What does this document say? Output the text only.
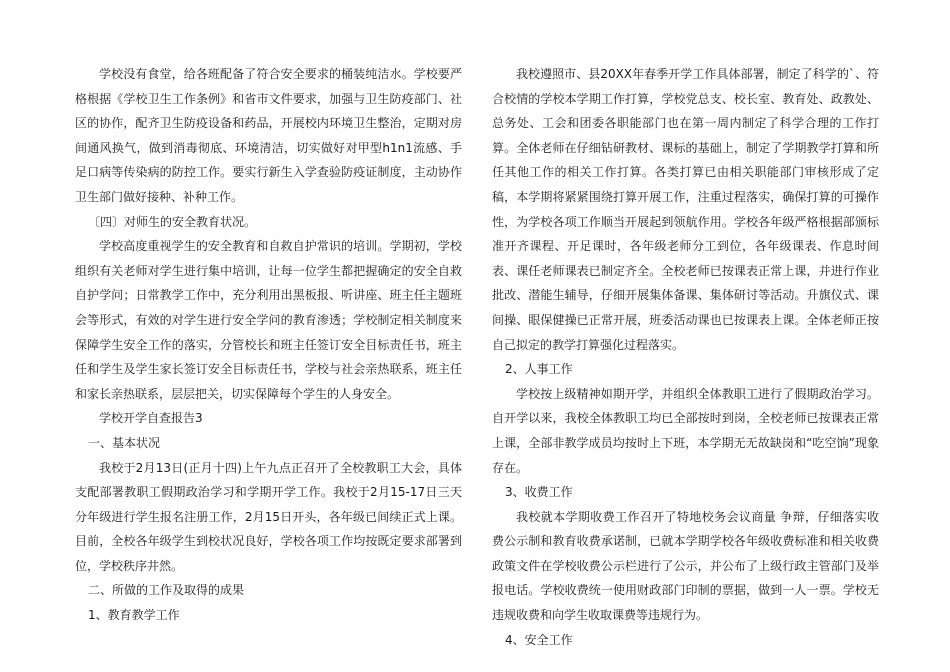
学校没有食堂，给各班配备了符合安全要求的桶装纯洁水。学校要严格根据《学校卫生工作条例》和省市文件要求，加强与卫生防疫部门、社区的协作，配齐卫生防疫设备和药品，开展校内环境卫生整治，定期对房间通风换气，做到消毒彻底、环境清洁，切实做好对甲型h1n1流感、手足口病等传染病的防控工作。要实行新生入学查验防疫证制度，主动协作卫生部门做好接种、补种工作。

〔四〕对师生的安全教育状况。

学校高度重视学生的安全教育和自救自护常识的培训。学期初，学校组织有关老师对学生进行集中培训，让每一位学生都把握确定的安全自救自护学问；日常教学工作中，充分利用出黑板报、听讲座、班主任主题班会等形式，有效的对学生进行安全学问的教育渗透；学校制定相关制度来保障学生安全工作的落实，分管校长和班主任签订安全目标责任书，班主任和学生及学生家长签订安全目标责任书，学校与社会亲热联系，班主任和家长亲热联系，层层把关，切实保障每个学生的人身安全。

学校开学自查报告3

一、基本状况

我校于2月13日(正月十四)上午九点正召开了全校教职工大会，具体支配部署教职工假期政治学习和学期开学工作。我校于2月15-17日三天分年级进行学生报名注册工作，2月15日开头，各年级已间续正式上课。目前，全校各年级学生到校状况良好，学校各项工作均按既定要求部署到位，学校秩序井然。

二、所做的工作及取得的成果

1、教育教学工作

我校遵照市、县20XX年春季开学工作具体部署，制定了科学的`、符合校情的学校本学期工作打算，学校党总支、校长室、教育处、政教处、总务处、工会和团委各职能部门也在第一周内制定了科学合理的工作打算。全体老师在仔细钻研教材、课标的基础上，制定了学期教学打算和所任其他工作的相关工作打算。各类打算已由相关职能部门审核形成了定稿，本学期将紧紧围绕打算开展工作，注重过程落实，确保打算的可操作性，为学校各项工作顺当开展起到领航作用。学校各年级严格根据部颁标准开齐课程、开足课时，各年级老师分工到位，各年级课表、作息时间表、课任老师课表已制定齐全。全校老师已按课表正常上课，并进行作业批改、潜能生辅导，仔细开展集体备课、集体研讨等活动。升旗仪式、课间操、眼保健操已正常开展，班委活动课也已按课表上课。全体老师正按自己拟定的教学打算强化过程落实。

2、人事工作

学校按上级精神如期开学，并组织全体教职工进行了假期政治学习。自开学以来，我校全体教职工均已全部按时到岗，全校老师已按课表正常上课，全部非教学成员均按时上下班，本学期无无故缺岗和“吃空饷”现象存在。

3、收费工作

我校就本学期收费工作召开了特地校务会议商量 争辩，仔细落实收费公示制和教育收费承诺制，已就本学期学校各年级收费标准和相关收费政策文件在学校收费公示栏进行了公示，并公布了上级行政主管部门及举报电话。学校收费统一使用财政部门印制的票据，做到一人一票。学校无违规收费和向学生收取课费等违规行为。

4、安全工作
